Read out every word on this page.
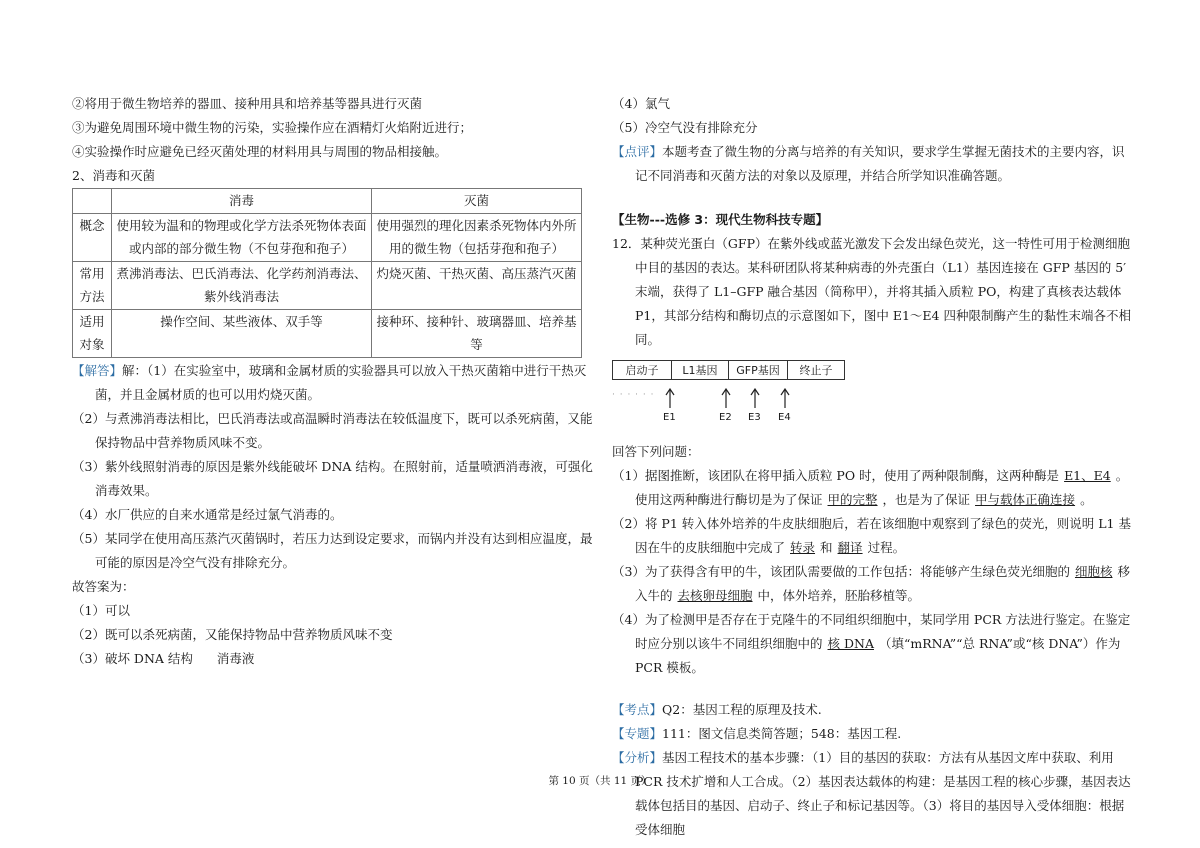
②将用于微生物培养的器皿、接种用具和培养基等器具进行灭菌

③为避免周围环境中微生物的污染，实验操作应在酒精灯火焰附近进行；

④实验操作时应避免已经灭菌处理的材料用具与周围的物品相接触。

2、消毒和灭菌

	消毒	灭菌
概念	使用较为温和的物理或化学方法杀死物体表面或内部的部分微生物（不包芽孢和孢子）	使用强烈的理化因素杀死物体内外所用的微生物（包括芽孢和孢子）
常用方法	煮沸消毒法、巴氏消毒法、化学药剂消毒法、紫外线消毒法	灼烧灭菌、干热灭菌、高压蒸汽灭菌
适用对象	操作空间、某些液体、双手等	接种环、接种针、玻璃器皿、培养基等

【解答】解：（1）在实验室中，玻璃和金属材质的实验器具可以放入干热灭菌箱中进行干热灭菌，并且金属材质的也可以用灼烧灭菌。

（2）与煮沸消毒法相比，巴氏消毒法或高温瞬时消毒法在较低温度下，既可以杀死病菌，又能保持物品中营养物质风味不变。

（3）紫外线照射消毒的原因是紫外线能破坏 DNA 结构。在照射前，适量喷洒消毒液，可强化消毒效果。

（4）水厂供应的自来水通常是经过氯气消毒的。

（5）某同学在使用高压蒸汽灭菌锅时，若压力达到设定要求，而锅内并没有达到相应温度，最可能的原因是冷空气没有排除充分。

故答案为：

（1）可以

（2）既可以杀死病菌，又能保持物品中营养物质风味不变

（3）破坏 DNA 结构 消毒液

（4）氯气

（5）冷空气没有排除充分

【点评】本题考查了微生物的分离与培养的有关知识，要求学生掌握无菌技术的主要内容，识记不同消毒和灭菌方法的对象以及原理，并结合所学知识准确答题。

【生物---选修 3：现代生物科技专题】

12．某种荧光蛋白（GFP）在紫外线或蓝光激发下会发出绿色荧光，这一特性可用于检测细胞中目的基因的表达。某科研团队将某种病毒的外壳蛋白（L1）基因连接在 GFP 基因的 5′末端，获得了 L1–GFP 融合基因（简称甲），并将其插入质粒 PO，构建了真核表达载体 P1，其部分结构和酶切点的示意图如下，图中 E1～E4 四种限制酶产生的黏性末端各不相同。

启动子	L1基因	GFP基因	终止子
· · · · · ·
E1	E2 E3 E4

回答下列问题：

（1）据图推断，该团队在将甲插入质粒 PO 时，使用了两种限制酶，这两种酶是 E1、E4 。使用这两种酶进行酶切是为了保证 甲的完整 ，也是为了保证 甲与载体正确连接 。

（2）将 P1 转入体外培养的牛皮肤细胞后，若在该细胞中观察到了绿色的荧光，则说明 L1 基因在牛的皮肤细胞中完成了 转录 和 翻译 过程。

（3）为了获得含有甲的牛，该团队需要做的工作包括：将能够产生绿色荧光细胞的 细胞核 移入牛的 去核卵母细胞 中，体外培养，胚胎移植等。

（4）为了检测甲是否存在于克隆牛的不同组织细胞中，某同学用 PCR 方法进行鉴定。在鉴定时应分别以该牛不同组织细胞中的 核 DNA （填“mRNA”“总 RNA”或“核 DNA”）作为 PCR 模板。

【考点】Q2：基因工程的原理及技术.

【专题】111：图文信息类简答题；548：基因工程.

【分析】基因工程技术的基本步骤：（1）目的基因的获取：方法有从基因文库中获取、利用 PCR 技术扩增和人工合成。（2）基因表达载体的构建：是基因工程的核心步骤，基因表达载体包括目的基因、启动子、终止子和标记基因等。（3）将目的基因导入受体细胞：根据受体细胞

第 10 页（共 11 页）
